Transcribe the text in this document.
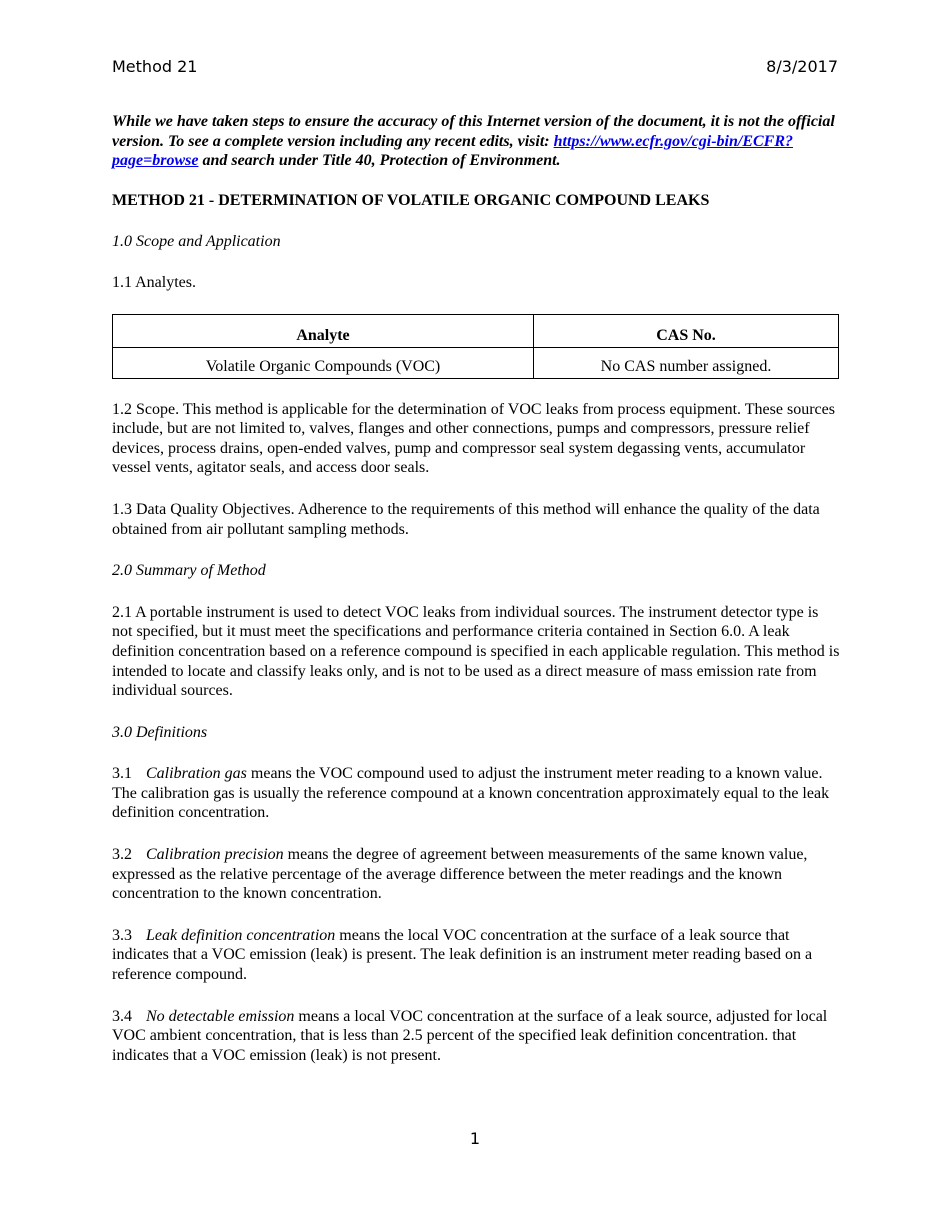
Method 21	8/3/2017

While we have taken steps to ensure the accuracy of this Internet version of the document, it is not the official version. To see a complete version including any recent edits, visit: https://www.ecfr.gov/cgi-bin/ECFR?page=browse and search under Title 40, Protection of Environment.

METHOD 21 - DETERMINATION OF VOLATILE ORGANIC COMPOUND LEAKS

1.0 Scope and Application

1.1 Analytes.

Analyte	CAS No.
Volatile Organic Compounds (VOC)	No CAS number assigned.

1.2 Scope. This method is applicable for the determination of VOC leaks from process equipment. These sources include, but are not limited to, valves, flanges and other connections, pumps and compressors, pressure relief devices, process drains, open-ended valves, pump and compressor seal system degassing vents, accumulator vessel vents, agitator seals, and access door seals.

1.3 Data Quality Objectives. Adherence to the requirements of this method will enhance the quality of the data obtained from air pollutant sampling methods.

2.0 Summary of Method

2.1 A portable instrument is used to detect VOC leaks from individual sources. The instrument detector type is not specified, but it must meet the specifications and performance criteria contained in Section 6.0. A leak definition concentration based on a reference compound is specified in each applicable regulation. This method is intended to locate and classify leaks only, and is not to be used as a direct measure of mass emission rate from individual sources.

3.0 Definitions

3.1 Calibration gas means the VOC compound used to adjust the instrument meter reading to a known value. The calibration gas is usually the reference compound at a known concentration approximately equal to the leak definition concentration.

3.2 Calibration precision means the degree of agreement between measurements of the same known value, expressed as the relative percentage of the average difference between the meter readings and the known concentration to the known concentration.

3.3 Leak definition concentration means the local VOC concentration at the surface of a leak source that indicates that a VOC emission (leak) is present. The leak definition is an instrument meter reading based on a reference compound.

3.4 No detectable emission means a local VOC concentration at the surface of a leak source, adjusted for local VOC ambient concentration, that is less than 2.5 percent of the specified leak definition concentration. that indicates that a VOC emission (leak) is not present.

1
